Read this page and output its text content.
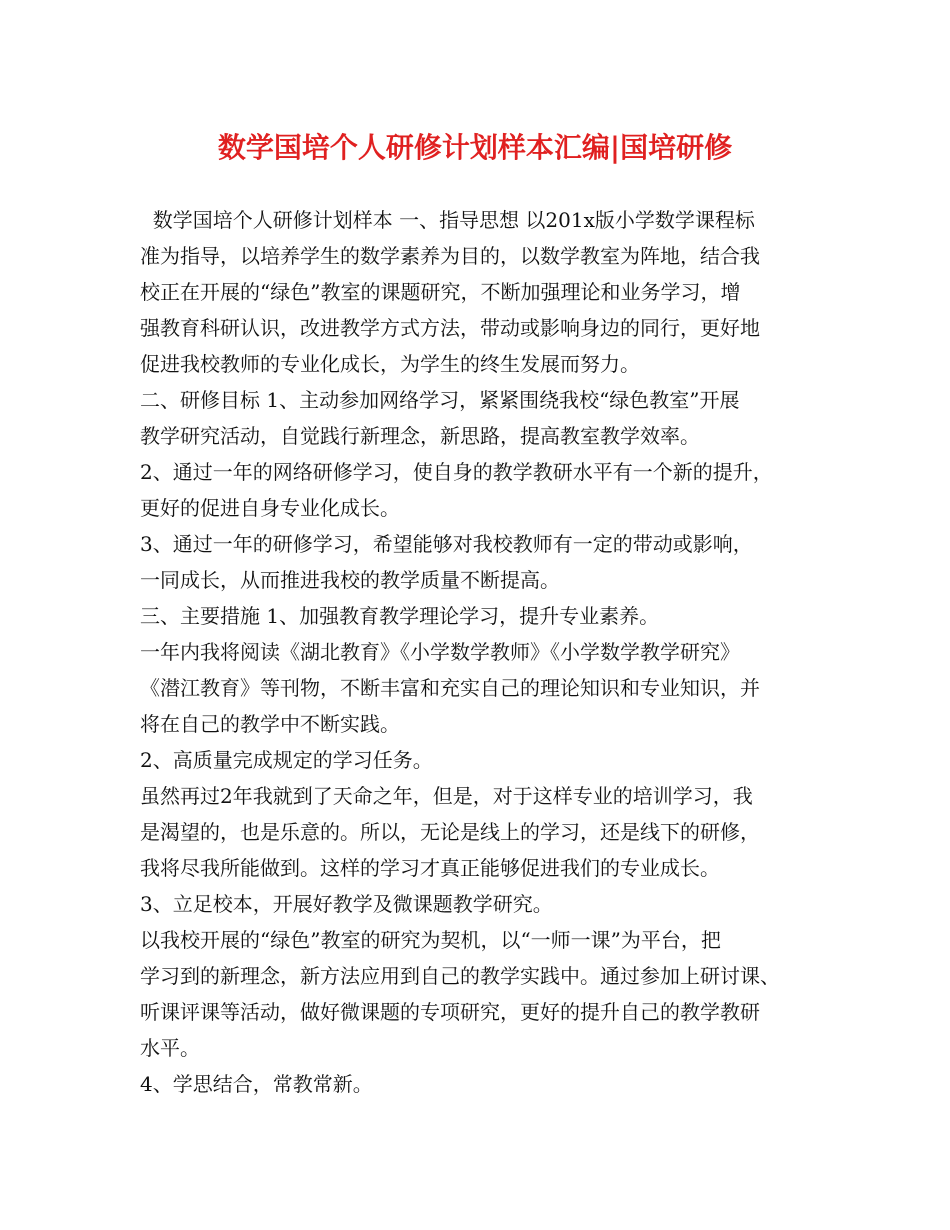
数学国培个人研修计划样本汇编|国培研修
数学国培个人研修计划样本 一、指导思想 以201x版小学数学课程标
准为指导，以培养学生的数学素养为目的，以数学教室为阵地，结合我
校正在开展的“绿色”教室的课题研究，不断加强理论和业务学习，增
强教育科研认识，改进教学方式方法，带动或影响身边的同行，更好地
促进我校教师的专业化成长，为学生的终生发展而努力。
二、研修目标 1、主动参加网络学习，紧紧围绕我校“绿色教室”开展
教学研究活动，自觉践行新理念，新思路，提高教室教学效率。
2、通过一年的网络研修学习，使自身的教学教研水平有一个新的提升，
更好的促进自身专业化成长。
3、通过一年的研修学习，希望能够对我校教师有一定的带动或影响，
一同成长，从而推进我校的教学质量不断提高。
三、主要措施 1、加强教育教学理论学习，提升专业素养。
一年内我将阅读《湖北教育》《小学数学教师》《小学数学教学研究》
《潜江教育》等刊物，不断丰富和充实自己的理论知识和专业知识，并
将在自己的教学中不断实践。
2、高质量完成规定的学习任务。
虽然再过2年我就到了天命之年，但是，对于这样专业的培训学习，我
是渴望的，也是乐意的。所以，无论是线上的学习，还是线下的研修，
我将尽我所能做到。这样的学习才真正能够促进我们的专业成长。
3、立足校本，开展好教学及微课题教学研究。
以我校开展的“绿色”教室的研究为契机，以“一师一课”为平台，把
学习到的新理念，新方法应用到自己的教学实践中。通过参加上研讨课、
听课评课等活动，做好微课题的专项研究，更好的提升自己的教学教研
水平。
4、学思结合，常教常新。
